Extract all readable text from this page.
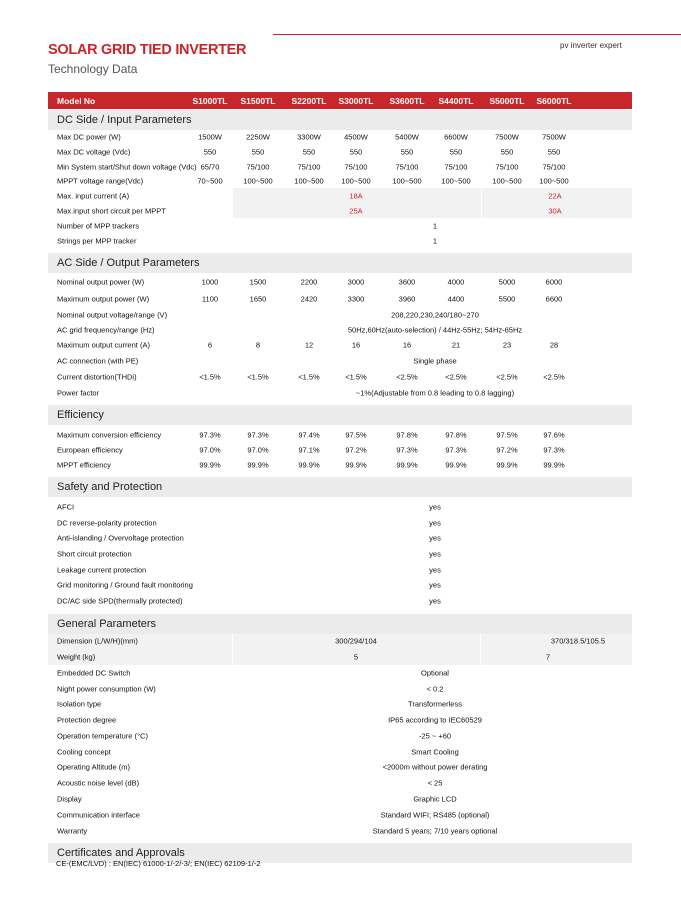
pv inverter expert
SOLAR GRID TIED INVERTER
Technology Data
Model No	S1000TL	S1500TL	S2200TL	S3000TL	S3600TL	S4400TL	S5000TL	S6000TL
DC Side / Input Parameters
Max DC power (W)	1500W	2250W	3300W	4500W	5400W	6600W	7500W	7500W
Max DC voltage (Vdc)	550	550	550	550	550	550	550	550
Min System start/Shut down voltage (Vdc) 65/70	75/100	75/100	75/100	75/100	75/100	75/100	75/100
MPPT voltage range(Vdc)	70~500	100~500	100~500	100~500	100~500	100~500	100~500	100~500
Max. input current (A)	18A	22A
Max.input short circuit per MPPT	25A	30A
Number of MPP trackers	1
Strings per MPP tracker	1
AC Side / Output Parameters
Nominal output power (W)	1000	1500	2200	3000	3600	4000	5000	6000
Maximum output power (W)	1100	1650	2420	3300	3960	4400	5500	6600
Nominal output voltage/range (V)	208,220,230,240/180~270
AC grid frequency/range (Hz)	50Hz,60Hz(auto-selection) / 44Hz-55Hz; 54Hz-65Hz
Maximum output current (A)	6	8	12	16	16	21	23	28
AC connection (with PE)	Single phase
Current distortion(THDi)	<1.5%	<1.5%	<1.5%	<1.5%	<2.5%	<2.5%	<2.5%	<2.5%
Power factor	~1%(Adjustable from 0.8 leading to 0.8 lagging)
Efficiency
Maximum conversion efficiency	97.3%	97.3%	97.4%	97.5%	97.8%	97.8%	97.5%	97.6%
European efficiency	97.0%	97.0%	97.1%	97.2%	97.3%	97.3%	97.2%	97.3%
MPPT efficiency	99.9%	99.9%	99.9%	99.9%	99.9%	99.9%	99.9%	99.9%
Safety and Protection
AFCI	yes
DC reverse-polarity protection	yes
Anti-islanding / Overvoltage protection	yes
Short circuit protection	yes
Leakage current protection	yes
Grid monitoring / Ground fault monitoring	yes
DC/AC side SPD(thermally protected)	yes
General Parameters
Dimension (L/W/H)(mm)	300/294/104	370/318.5/105.5
Weight (kg)	5	7
Embedded DC Switch	Optional
Night power consumption (W)	< 0.2
Isolation type	Transformerless
Protection degree	IP65 according to IEC60529
Operation temperature (°C)	-25 ~ +60
Cooling concept	Smart Cooling
Operating Altitude (m)	<2000m without power derating
Acoustic noise level (dB)	< 25
Display	Graphic LCD
Communication interface	Standard WIFI; RS485 (optional)
Warranty	Standard 5 years; 7/10 years optional
Certificates and Approvals
CE-(EMC/LVD) : EN(IEC) 61000-1/-2/-3/; EN(IEC) 62109-1/-2
